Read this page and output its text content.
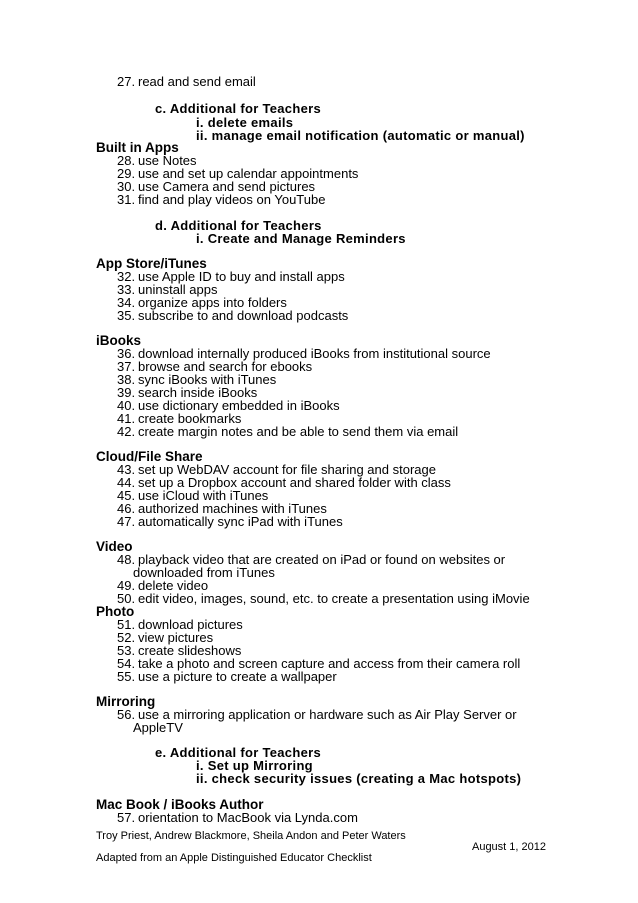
27. read and send email
c. Additional for Teachers
i. delete emails
ii. manage email notification (automatic or manual)
Built in Apps
28. use Notes
29. use and set up calendar appointments
30. use Camera and send pictures
31. find and play videos on YouTube
d. Additional for Teachers
i. Create and Manage Reminders
App Store/iTunes
32. use Apple ID to buy and install apps
33. uninstall apps
34. organize apps into folders
35. subscribe to and download podcasts
iBooks
36. download internally produced iBooks from institutional source
37. browse and search for ebooks
38. sync iBooks with iTunes
39. search inside iBooks
40. use dictionary embedded in iBooks
41. create bookmarks
42. create margin notes and be able to send them via email
Cloud/File Share
43. set up WebDAV account for file sharing and storage
44. set up a Dropbox account and shared folder with class
45. use iCloud with iTunes
46. authorized machines with iTunes
47. automatically sync iPad with iTunes
Video
48. playback video that are created on iPad or found on websites or
downloaded from iTunes
49. delete video
50. edit video, images, sound, etc. to create a presentation using iMovie
Photo
51. download pictures
52. view pictures
53. create slideshows
54. take a photo and screen capture and access from their camera roll
55. use a picture to create a wallpaper
Mirroring
56. use a mirroring application or hardware such as Air Play Server or
AppleTV
e. Additional for Teachers
i. Set up Mirroring
ii. check security issues (creating a Mac hotspots)
Mac Book / iBooks Author
57. orientation to MacBook via Lynda.com
Troy Priest, Andrew Blackmore, Sheila Andon and Peter Waters
August 1, 2012
Adapted from an Apple Distinguished Educator Checklist
